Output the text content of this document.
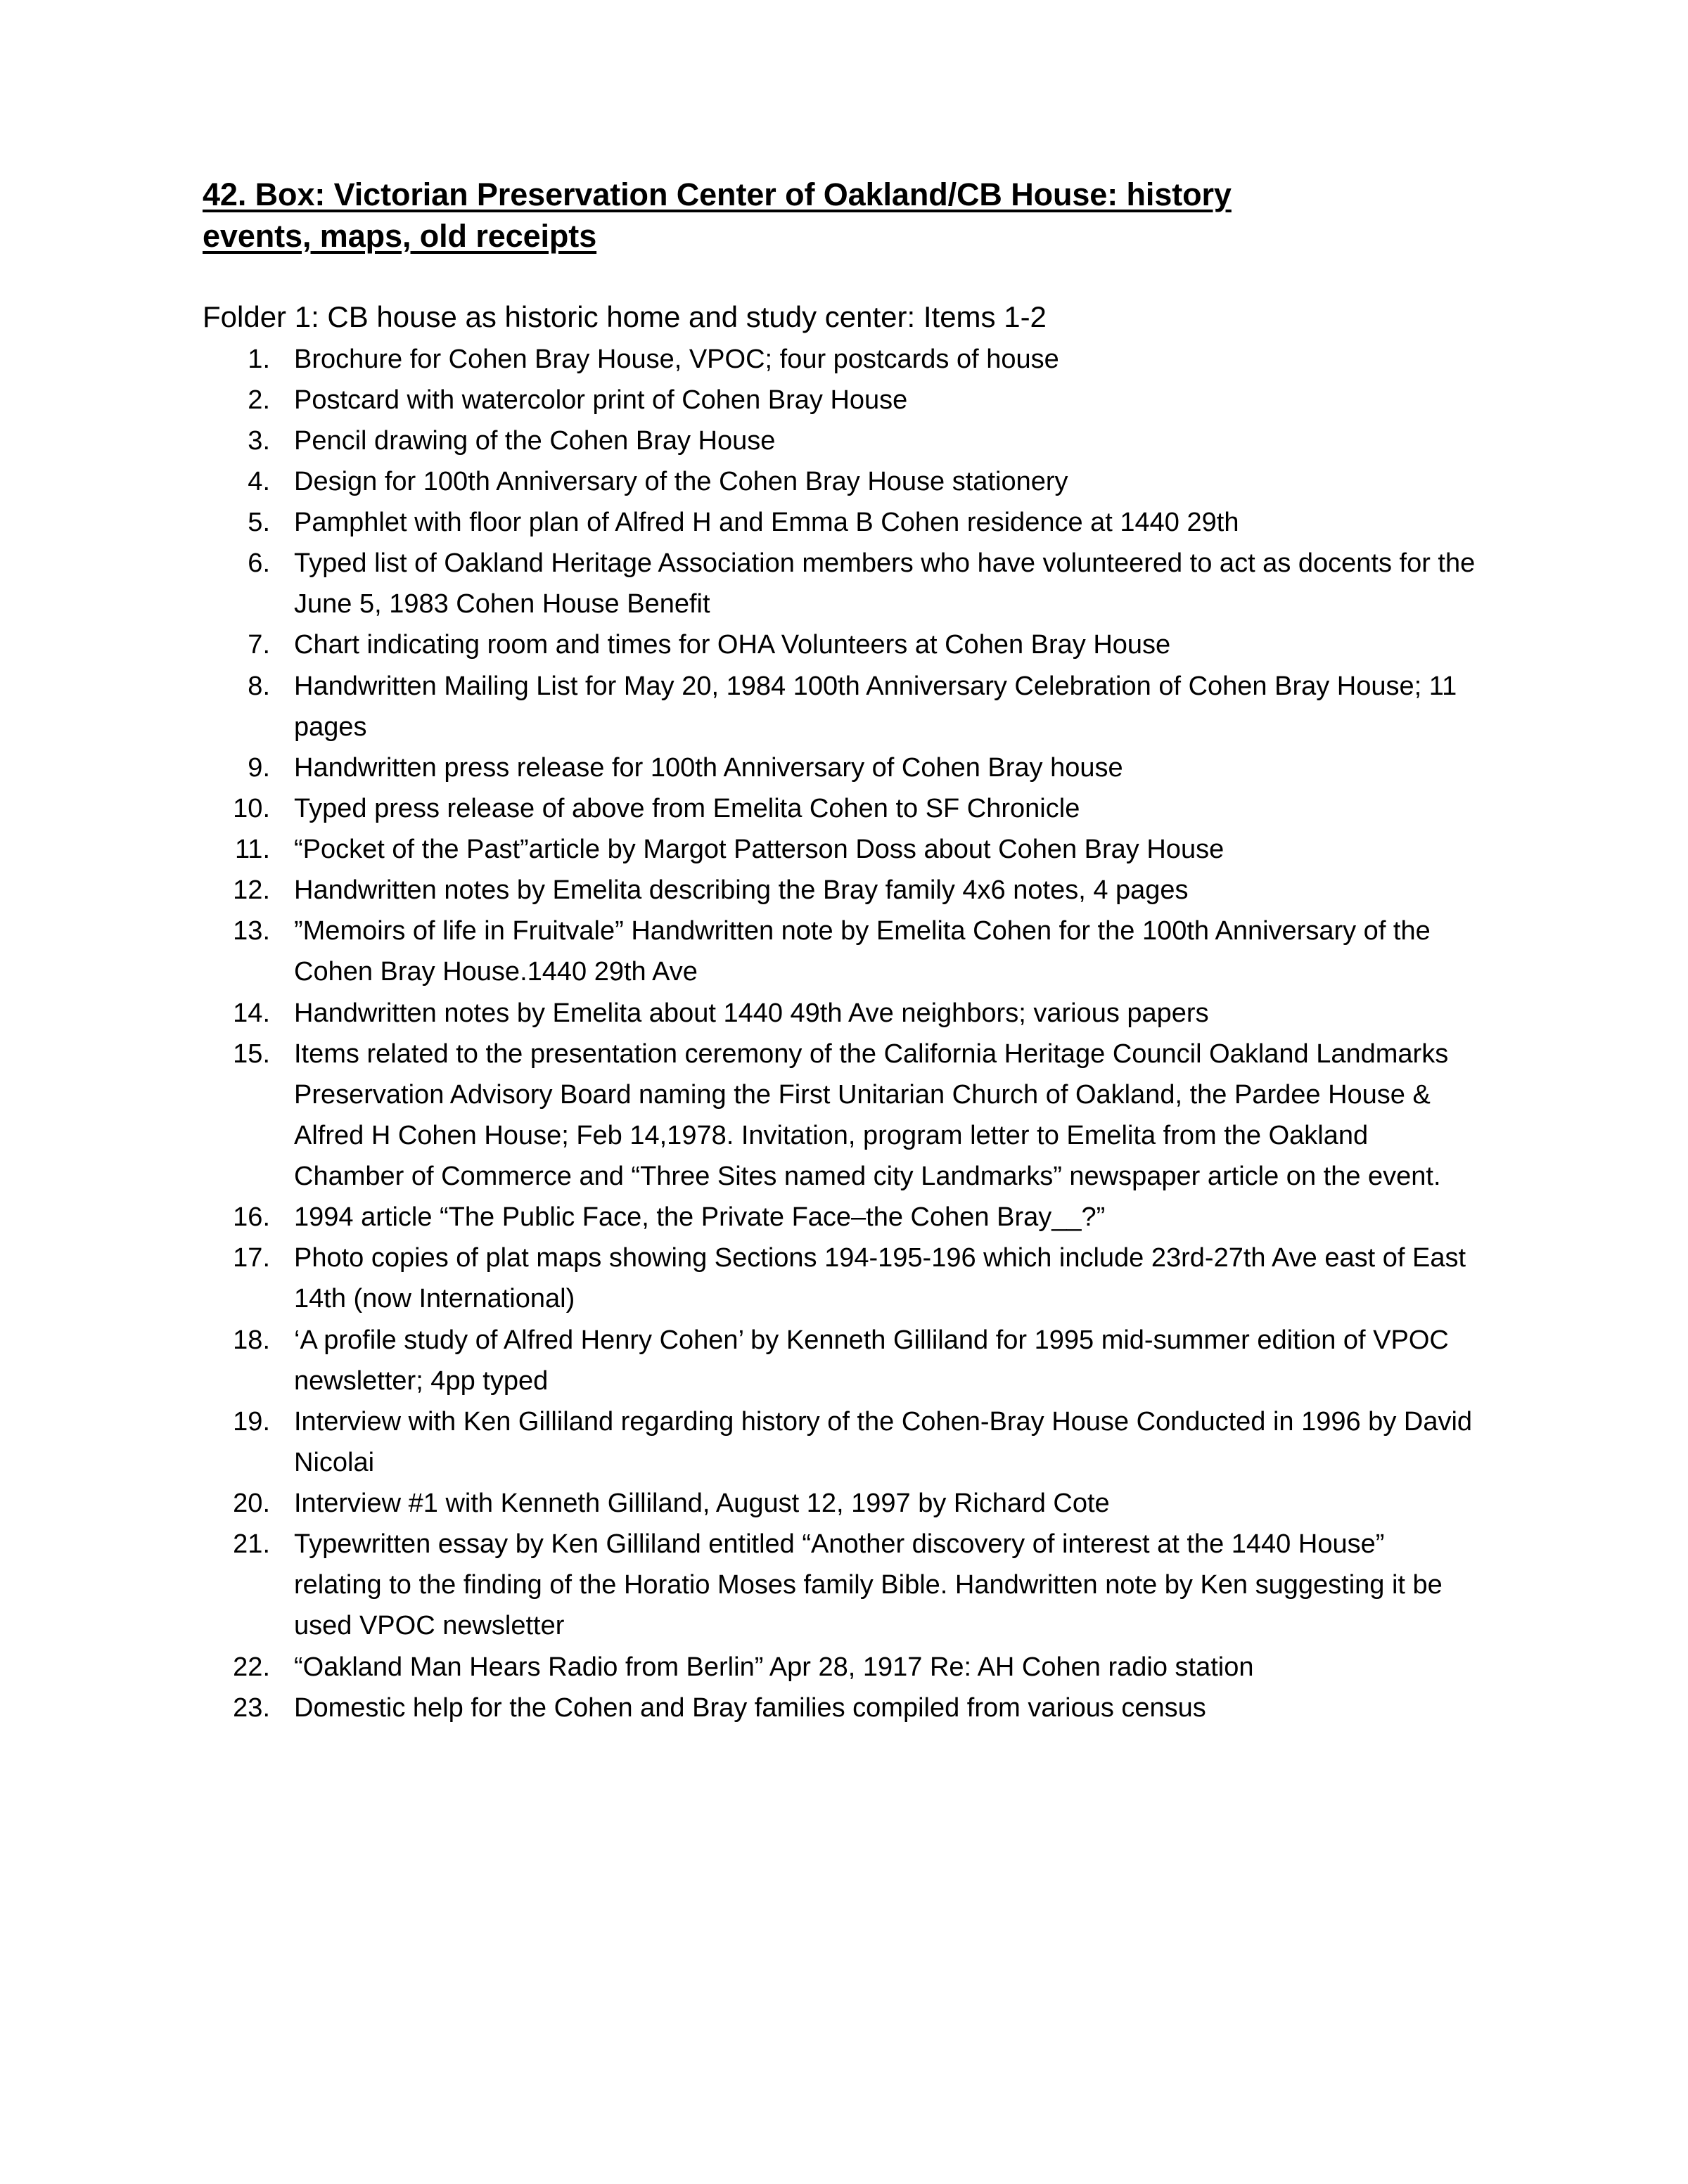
42. Box: Victorian Preservation Center of Oakland/CB House: history
events, maps, old receipts
Folder 1: CB house as historic home and study center: Items 1-2
Brochure for Cohen Bray House, VPOC; four postcards of house
Postcard with watercolor print of Cohen Bray House
Pencil drawing of the Cohen Bray House
Design for 100th Anniversary of the Cohen Bray House stationery
Pamphlet with floor plan of Alfred H and Emma B Cohen residence at 1440 29th
Typed list of Oakland Heritage Association members who have volunteered to act as docents for the June 5, 1983 Cohen House Benefit
Chart indicating room and times for OHA Volunteers at Cohen Bray House
Handwritten Mailing List for May 20, 1984 100th Anniversary Celebration of Cohen Bray House; 11 pages
Handwritten press release for 100th Anniversary of Cohen Bray house
Typed press release of above from Emelita Cohen to SF Chronicle
“Pocket of the Past”article by Margot Patterson Doss about Cohen Bray House
Handwritten notes by Emelita describing the Bray family 4x6 notes, 4 pages
”Memoirs of life in Fruitvale” Handwritten note by Emelita Cohen for the 100th Anniversary of the Cohen Bray House.1440 29th Ave
Handwritten notes by Emelita about 1440 49th Ave neighbors; various papers
Items related to the presentation ceremony of the California Heritage Council Oakland Landmarks Preservation Advisory Board naming the First Unitarian Church of Oakland, the Pardee House & Alfred H Cohen House; Feb 14,1978. Invitation, program letter to Emelita from the Oakland Chamber of Commerce and “Three Sites named city Landmarks” newspaper article on the event.
1994 article “The Public Face, the Private Face–the Cohen Bray__?”
Photo copies of plat maps showing Sections 194-195-196 which include 23rd-27th Ave east of East 14th (now International)
‘A profile study of Alfred Henry Cohen’ by Kenneth Gilliland for 1995 mid-summer edition of VPOC newsletter; 4pp typed
Interview with Ken Gilliland regarding history of the Cohen-Bray House Conducted in 1996 by David Nicolai
Interview #1 with Kenneth Gilliland, August 12, 1997 by Richard Cote
Typewritten essay by Ken Gilliland entitled “Another discovery of interest at the 1440 House” relating to the finding of the Horatio Moses family Bible. Handwritten note by Ken suggesting it be used VPOC newsletter
“Oakland Man Hears Radio from Berlin” Apr 28, 1917 Re: AH Cohen radio station
Domestic help for the Cohen and Bray families compiled from various census
